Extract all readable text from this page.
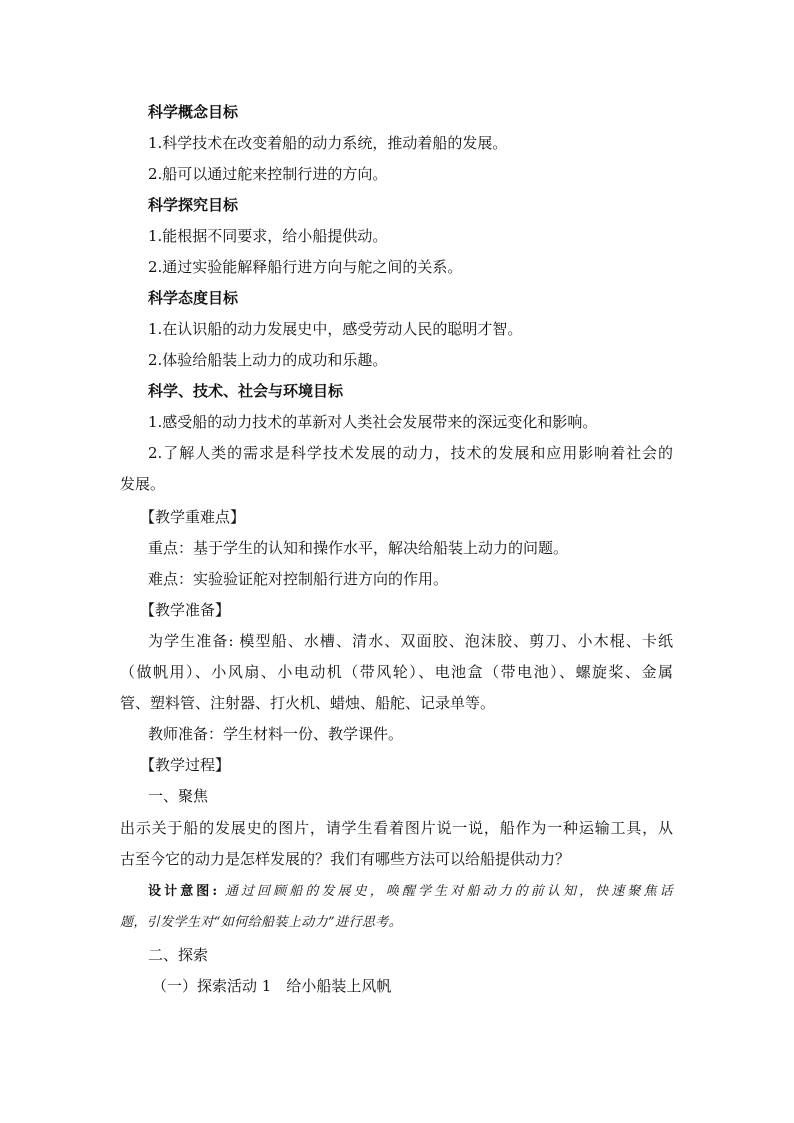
科学概念目标
1.科学技术在改变着船的动力系统，推动着船的发展。
2.船可以通过舵来控制行进的方向。
科学探究目标
1.能根据不同要求，给小船提供动。
2.通过实验能解释船行进方向与舵之间的关系。
科学态度目标
1.在认识船的动力发展史中，感受劳动人民的聪明才智。
2.体验给船装上动力的成功和乐趣。
科学、技术、社会与环境目标
1.感受船的动力技术的革新对人类社会发展带来的深远变化和影响。
2.了解人类的需求是科学技术发展的动力，技术的发展和应用影响着社会的
发展。
【教学重难点】
重点：基于学生的认知和操作水平，解决给船装上动力的问题。
难点：实验验证舵对控制船行进方向的作用。
【教学准备】
为学生准备: 模型船、水槽、清水、双面胶、泡沫胶、剪刀、小木棍、卡纸
（做帆用）、小风扇、小电动机（带风轮）、电池盒（带电池）、螺旋桨、金属
管、塑料管、注射器、打火机、蜡烛、船舵、记录单等。
教师准备：学生材料一份、教学课件。
【教学过程】
一、聚焦
出示关于船的发展史的图片，请学生看着图片说一说，船作为一种运输工具，从
古至今它的动力是怎样发展的？我们有哪些方法可以给船提供动力？
设计意图: 通过回顾船的发展史，唤醒学生对船动力的前认知，快速聚焦话
题，引发学生对“如何给船装上动力”进行思考。
二、探索
（一）探索活动 1　给小船装上风帆
